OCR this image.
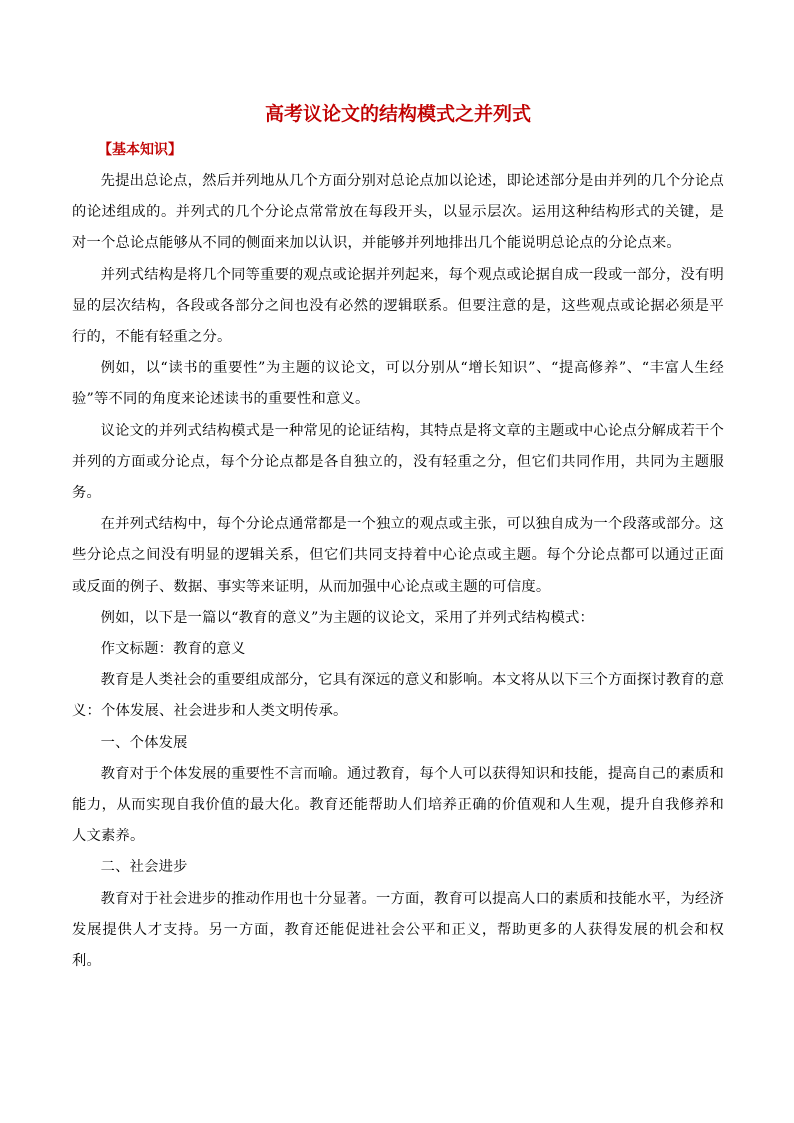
高考议论文的结构模式之并列式
【基本知识】

先提出总论点，然后并列地从几个方面分别对总论点加以论述，即论述部分是由并列的几个分论点的论述组成的。并列式的几个分论点常常放在每段开头，以显示层次。运用这种结构形式的关键，是对一个总论点能够从不同的侧面来加以认识，并能够并列地排出几个能说明总论点的分论点来。

并列式结构是将几个同等重要的观点或论据并列起来，每个观点或论据自成一段或一部分，没有明显的层次结构，各段或各部分之间也没有必然的逻辑联系。但要注意的是，这些观点或论据必须是平行的，不能有轻重之分。

例如，以“读书的重要性”为主题的议论文，可以分别从“增长知识”、“提高修养”、“丰富人生经验”等不同的角度来论述读书的重要性和意义。

议论文的并列式结构模式是一种常见的论证结构，其特点是将文章的主题或中心论点分解成若干个并列的方面或分论点，每个分论点都是各自独立的，没有轻重之分，但它们共同作用，共同为主题服务。

在并列式结构中，每个分论点通常都是一个独立的观点或主张，可以独自成为一个段落或部分。这些分论点之间没有明显的逻辑关系，但它们共同支持着中心论点或主题。每个分论点都可以通过正面或反面的例子、数据、事实等来证明，从而加强中心论点或主题的可信度。

例如，以下是一篇以“教育的意义”为主题的议论文，采用了并列式结构模式：

作文标题：教育的意义

教育是人类社会的重要组成部分，它具有深远的意义和影响。本文将从以下三个方面探讨教育的意义：个体发展、社会进步和人类文明传承。

一、个体发展

教育对于个体发展的重要性不言而喻。通过教育，每个人可以获得知识和技能，提高自己的素质和能力，从而实现自我价值的最大化。教育还能帮助人们培养正确的价值观和人生观，提升自我修养和人文素养。

二、社会进步

教育对于社会进步的推动作用也十分显著。一方面，教育可以提高人口的素质和技能水平，为经济发展提供人才支持。另一方面，教育还能促进社会公平和正义，帮助更多的人获得发展的机会和权利。
